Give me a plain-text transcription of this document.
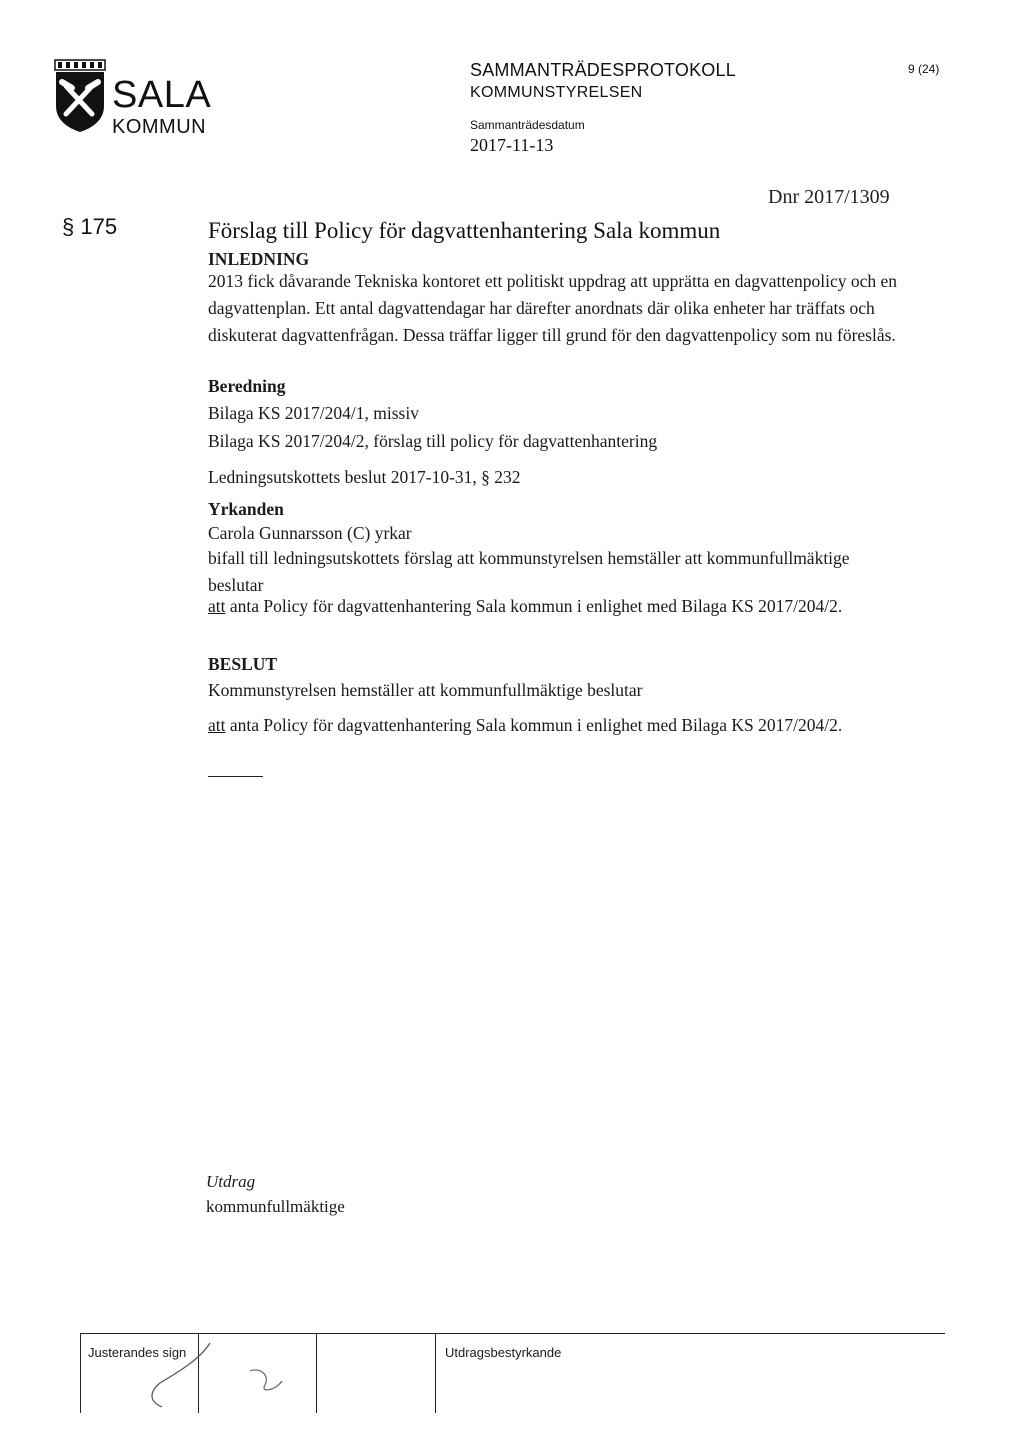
SALA
KOMMUN
SAMMANTRÄDESPROTOKOLL
KOMMUNSTYRELSEN
Sammanträdesdatum
2017-11-13
9 (24)
Dnr 2017/1309
§ 175	Förslag till Policy för dagvattenhantering Sala kommun
INLEDNING

2013 fick dåvarande Tekniska kontoret ett politiskt uppdrag att upprätta en dagvattenpolicy och en dagvattenplan. Ett antal dagvattendagar har därefter anordnats där olika enheter har träffats och diskuterat dagvattenfrågan. Dessa träffar ligger till grund för den dagvattenpolicy som nu föreslås.

Beredning
Bilaga KS 2017/204/1, missiv
Bilaga KS 2017/204/2, förslag till policy för dagvattenhantering
Ledningsutskottets beslut 2017-10-31, § 232
Yrkanden
Carola Gunnarsson (C) yrkar

bifall till ledningsutskottets förslag att kommunstyrelsen hemställer att kommunfullmäktige beslutar

att anta Policy för dagvattenhantering Sala kommun i enlighet med Bilaga KS 2017/204/2.

BESLUT
Kommunstyrelsen hemställer att kommunfullmäktige beslutar

att anta Policy för dagvattenhantering Sala kommun i enlighet med Bilaga KS 2017/204/2.

Utdrag
kommunfullmäktige
Justerandes sign	Utdragsbestyrkande
